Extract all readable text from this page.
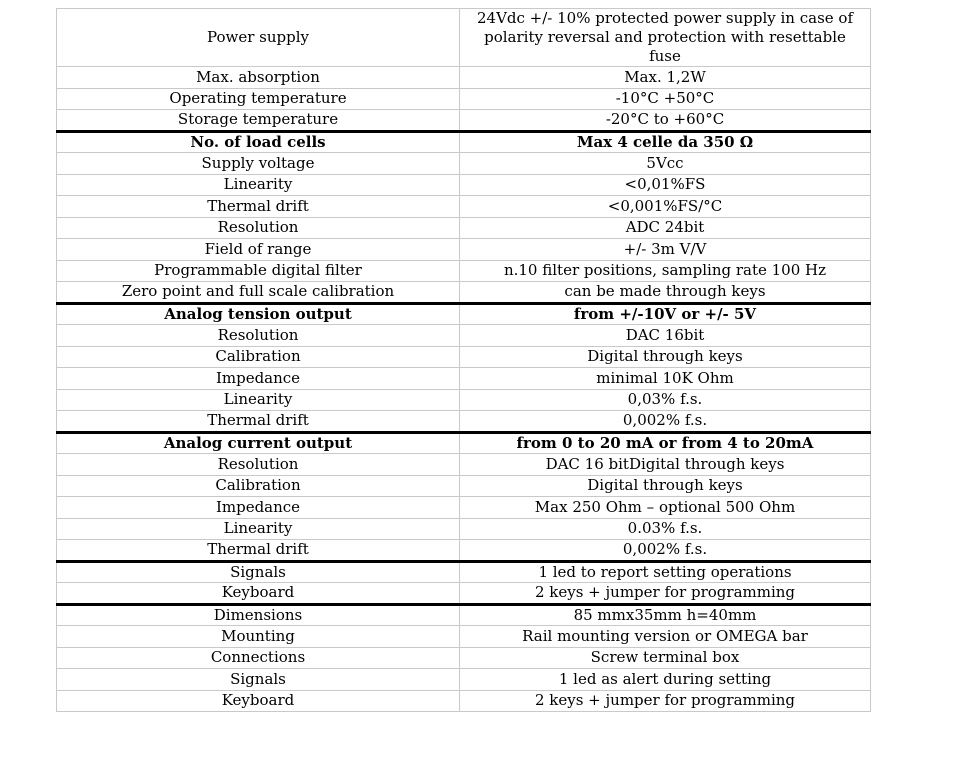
Power supply	24Vdc +/- 10% protected power supply in case of polarity reversal and protection with resettable fuse
Max. absorption	Max. 1,2W
Operating temperature	-10°C +50°C
Storage temperature	-20°C to +60°C
No. of load cells	Max 4 celle da 350 Ω
Supply voltage	5Vcc
Linearity	<0,01%FS
Thermal drift	<0,001%FS/°C
Resolution	ADC 24bit
Field of range	+/- 3m V/V
Programmable digital filter	n.10 filter positions, sampling rate 100 Hz
Zero point and full scale calibration	can be made through keys
Analog tension output	from +/-10V or +/- 5V
Resolution	DAC 16bit
Calibration	Digital through keys
Impedance	minimal 10K Ohm
Linearity	0,03% f.s.
Thermal drift	0,002% f.s.
Analog current output	from 0 to 20 mA or from 4 to 20mA
Resolution	DAC 16 bitDigital through keys
Calibration	Digital through keys
Impedance	Max 250 Ohm – optional 500 Ohm
Linearity	0.03% f.s.
Thermal drift	0,002% f.s.
Signals	1 led to report setting operations
Keyboard	2 keys + jumper for programming
Dimensions	85 mmx35mm h=40mm
Mounting	Rail mounting version or OMEGA bar
Connections	Screw terminal box
Signals	1 led as alert during setting
Keyboard	2 keys + jumper for programming
